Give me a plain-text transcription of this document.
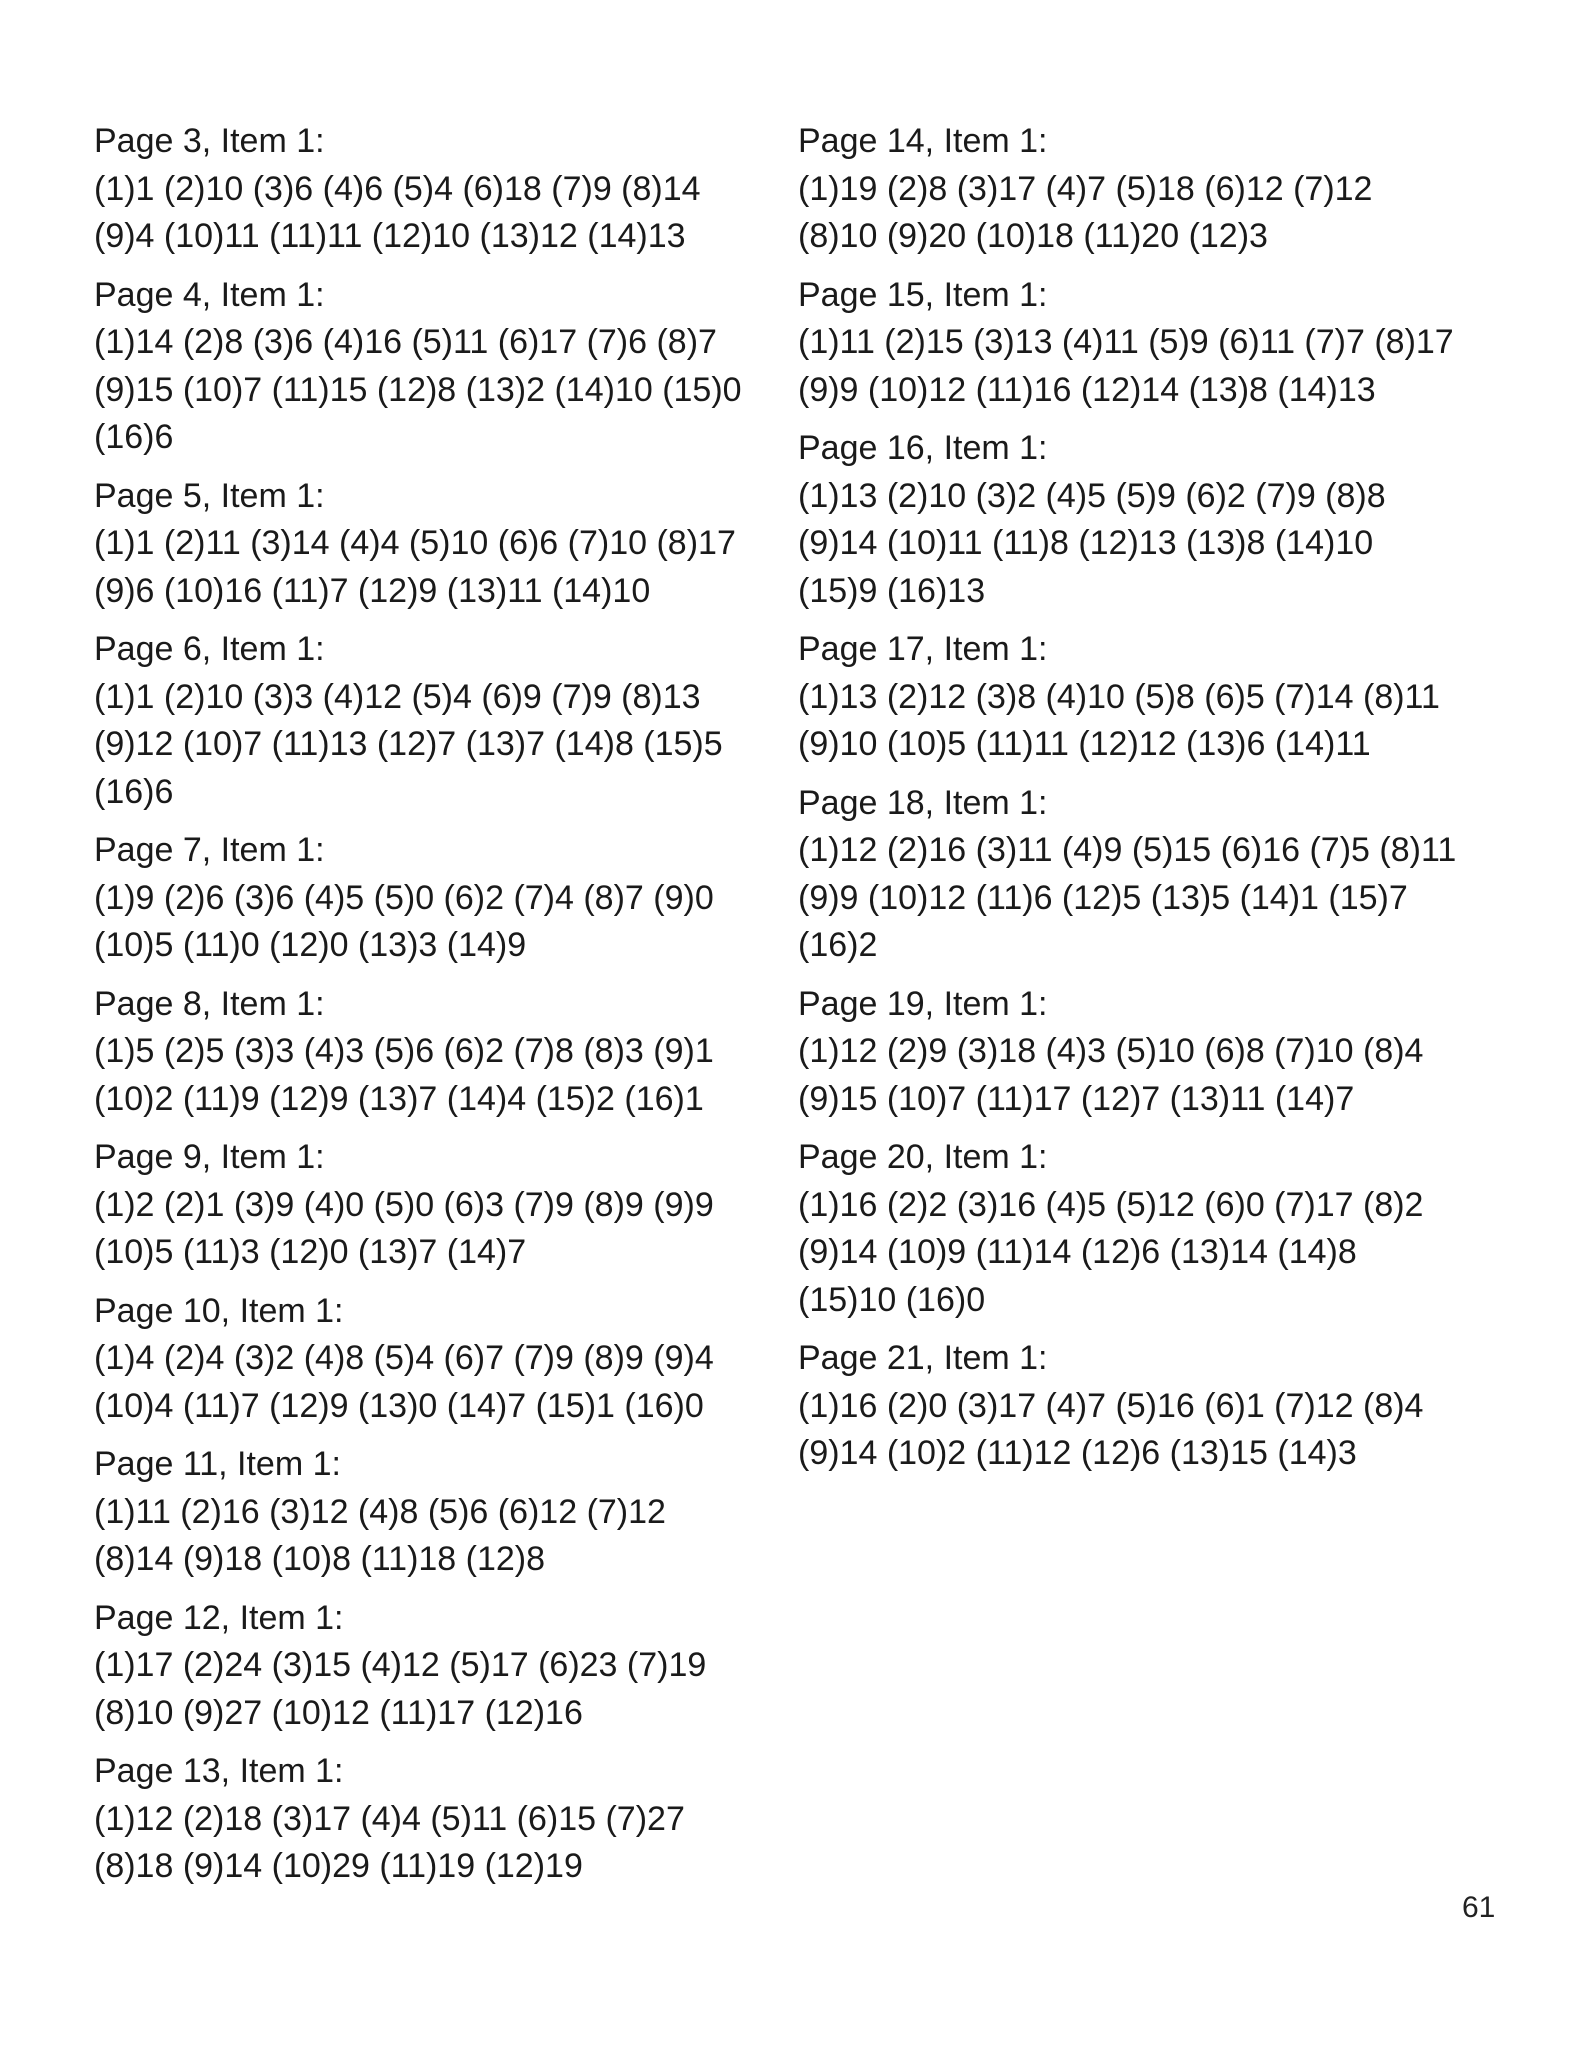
Page 3, Item 1:
(1)1 (2)10 (3)6 (4)6 (5)4 (6)18 (7)9 (8)14 (9)4 (10)11 (11)11 (12)10 (13)12 (14)13
Page 4, Item 1:
(1)14 (2)8 (3)6 (4)16 (5)11 (6)17 (7)6 (8)7 (9)15 (10)7 (11)15 (12)8 (13)2 (14)10 (15)0 (16)6
Page 5, Item 1:
(1)1 (2)11 (3)14 (4)4 (5)10 (6)6 (7)10 (8)17 (9)6 (10)16 (11)7 (12)9 (13)11 (14)10
Page 6, Item 1:
(1)1 (2)10 (3)3 (4)12 (5)4 (6)9 (7)9 (8)13 (9)12 (10)7 (11)13 (12)7 (13)7 (14)8 (15)5 (16)6
Page 7, Item 1:
(1)9 (2)6 (3)6 (4)5 (5)0 (6)2 (7)4 (8)7 (9)0 (10)5 (11)0 (12)0 (13)3 (14)9
Page 8, Item 1:
(1)5 (2)5 (3)3 (4)3 (5)6 (6)2 (7)8 (8)3 (9)1 (10)2 (11)9 (12)9 (13)7 (14)4 (15)2 (16)1
Page 9, Item 1:
(1)2 (2)1 (3)9 (4)0 (5)0 (6)3 (7)9 (8)9 (9)9 (10)5 (11)3 (12)0 (13)7 (14)7
Page 10, Item 1:
(1)4 (2)4 (3)2 (4)8 (5)4 (6)7 (7)9 (8)9 (9)4 (10)4 (11)7 (12)9 (13)0 (14)7 (15)1 (16)0
Page 11, Item 1:
(1)11 (2)16 (3)12 (4)8 (5)6 (6)12 (7)12 (8)14 (9)18 (10)8 (11)18 (12)8
Page 12, Item 1:
(1)17 (2)24 (3)15 (4)12 (5)17 (6)23 (7)19 (8)10 (9)27 (10)12 (11)17 (12)16
Page 13, Item 1:
(1)12 (2)18 (3)17 (4)4 (5)11 (6)15 (7)27 (8)18 (9)14 (10)29 (11)19 (12)19
Page 14, Item 1:
(1)19 (2)8 (3)17 (4)7 (5)18 (6)12 (7)12 (8)10 (9)20 (10)18 (11)20 (12)3
Page 15, Item 1:
(1)11 (2)15 (3)13 (4)11 (5)9 (6)11 (7)7 (8)17 (9)9 (10)12 (11)16 (12)14 (13)8 (14)13
Page 16, Item 1:
(1)13 (2)10 (3)2 (4)5 (5)9 (6)2 (7)9 (8)8 (9)14 (10)11 (11)8 (12)13 (13)8 (14)10 (15)9 (16)13
Page 17, Item 1:
(1)13 (2)12 (3)8 (4)10 (5)8 (6)5 (7)14 (8)11 (9)10 (10)5 (11)11 (12)12 (13)6 (14)11
Page 18, Item 1:
(1)12 (2)16 (3)11 (4)9 (5)15 (6)16 (7)5 (8)11 (9)9 (10)12 (11)6 (12)5 (13)5 (14)1 (15)7 (16)2
Page 19, Item 1:
(1)12 (2)9 (3)18 (4)3 (5)10 (6)8 (7)10 (8)4 (9)15 (10)7 (11)17 (12)7 (13)11 (14)7
Page 20, Item 1:
(1)16 (2)2 (3)16 (4)5 (5)12 (6)0 (7)17 (8)2 (9)14 (10)9 (11)14 (12)6 (13)14 (14)8 (15)10 (16)0
Page 21, Item 1:
(1)16 (2)0 (3)17 (4)7 (5)16 (6)1 (7)12 (8)4 (9)14 (10)2 (11)12 (12)6 (13)15 (14)3
61
